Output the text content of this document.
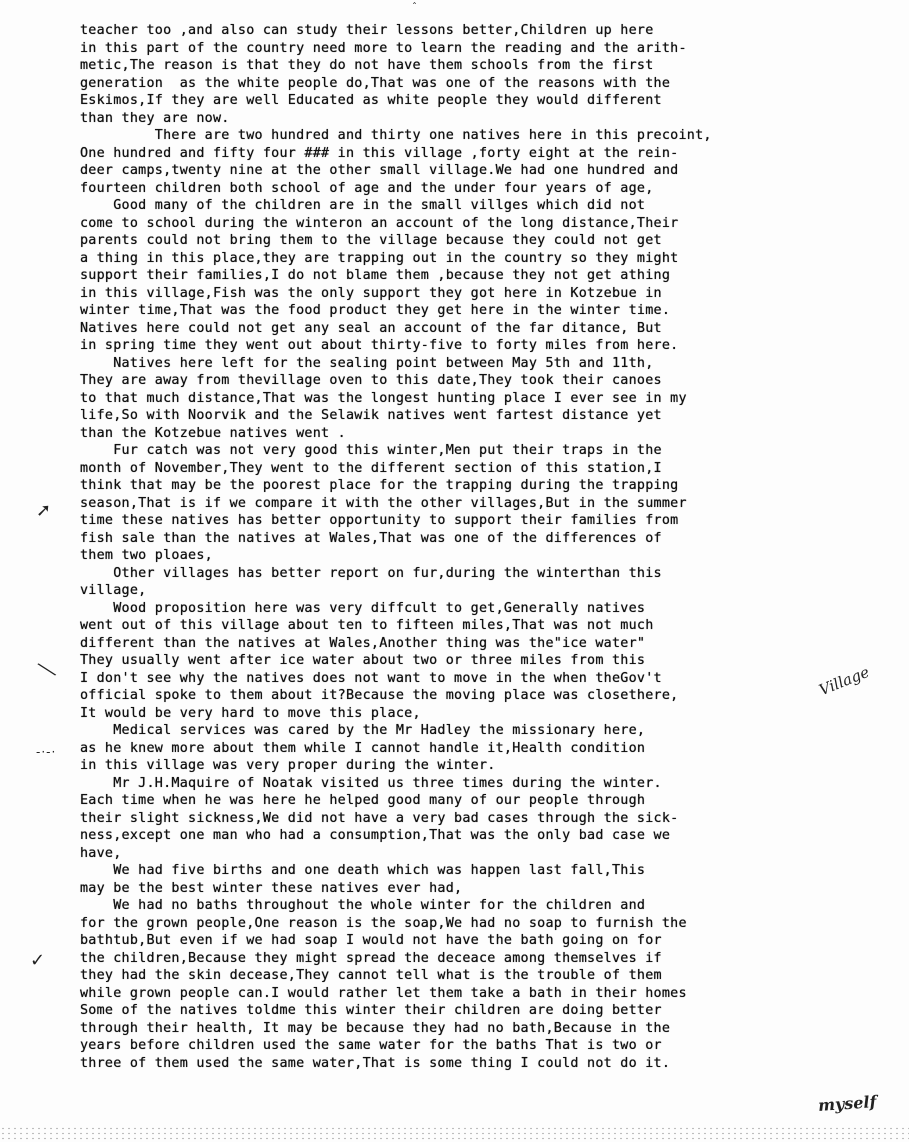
ˆ
teacher too ,and also can study their lessons better,Children up here
in this part of the country need more to learn the reading and the arith-
metic,The reason is that they do not have them schools from the first
generation  as the white people do,That was one of the reasons with the
Eskimos,If they are well Educated as white people they would different
than they are now.
There are two hundred and thirty one natives here in this precoint,
One hundred and fifty four ### in this village ,forty eight at the rein-
deer camps,twenty nine at the other small village.We had one hundred and
fourteen children both school of age and the under four years of age,
Good many of the children are in the small villges which did not
come to school during the winteron an account of the long distance,Their
parents could not bring them to the village because they could not get
a thing in this place,they are trapping out in the country so they might
support their families,I do not blame them ,because they not get athing
in this village,Fish was the only support they got here in Kotzebue in
winter time,That was the food product they get here in the winter time.
Natives here could not get any seal an account of the far ditance, But
in spring time they went out about thirty-five to forty miles from here.
Natives here left for the sealing point between May 5th and 11th,
They are away from thevillage oven to this date,They took their canoes
to that much distance,That was the longest hunting place I ever see in my
life,So with Noorvik and the Selawik natives went fartest distance yet
than the Kotzebue natives went .
Fur catch was not very good this winter,Men put their traps in the
month of November,They went to the different section of this station,I
think that may be the poorest place for the trapping during the trapping
season,That is if we compare it with the other villages,But in the summer
time these natives has better opportunity to support their families from
fish sale than the natives at Wales,That was one of the differences of
them two ploaes,
Other villages has better report on fur,during the winterthan this
village,
Wood proposition here was very diffcult to get,Generally natives
went out of this village about ten to fifteen miles,That was not much
different than the natives at Wales,Another thing was the"ice water"
They usually went after ice water about two or three miles from this
I don't see why the natives does not want to move in the when theGov't
official spoke to them about it?Because the moving place was closethere,
It would be very hard to move this place,
Medical services was cared by the Mr Hadley the missionary here,
as he knew more about them while I cannot handle it,Health condition
in this village was very proper during the winter.
Mr J.H.Maquire of Noatak visited us three times during the winter.
Each time when he was here he helped good many of our people through
their slight sickness,We did not have a very bad cases through the sick-
ness,except one man who had a consumption,That was the only bad case we
have,
We had five births and one death which was happen last fall,This
may be the best winter these natives ever had,
We had no baths throughout the whole winter for the children and
for the grown people,One reason is the soap,We had no soap to furnish the
bathtub,But even if we had soap I would not have the bath going on for
the children,Because they might spread the deceace among themselves if
they had the skin decease,They cannot tell what is the trouble of them
while grown people can.I would rather let them take a bath in their homes
Some of the natives toldme this winter their children are doing better
through their health, It may be because they had no bath,Because in the
years before children used the same water for the baths That is two or
three of them used the same water,That is some thing I could not do it.
Village
myself
➚
╲
-·-·
✓
